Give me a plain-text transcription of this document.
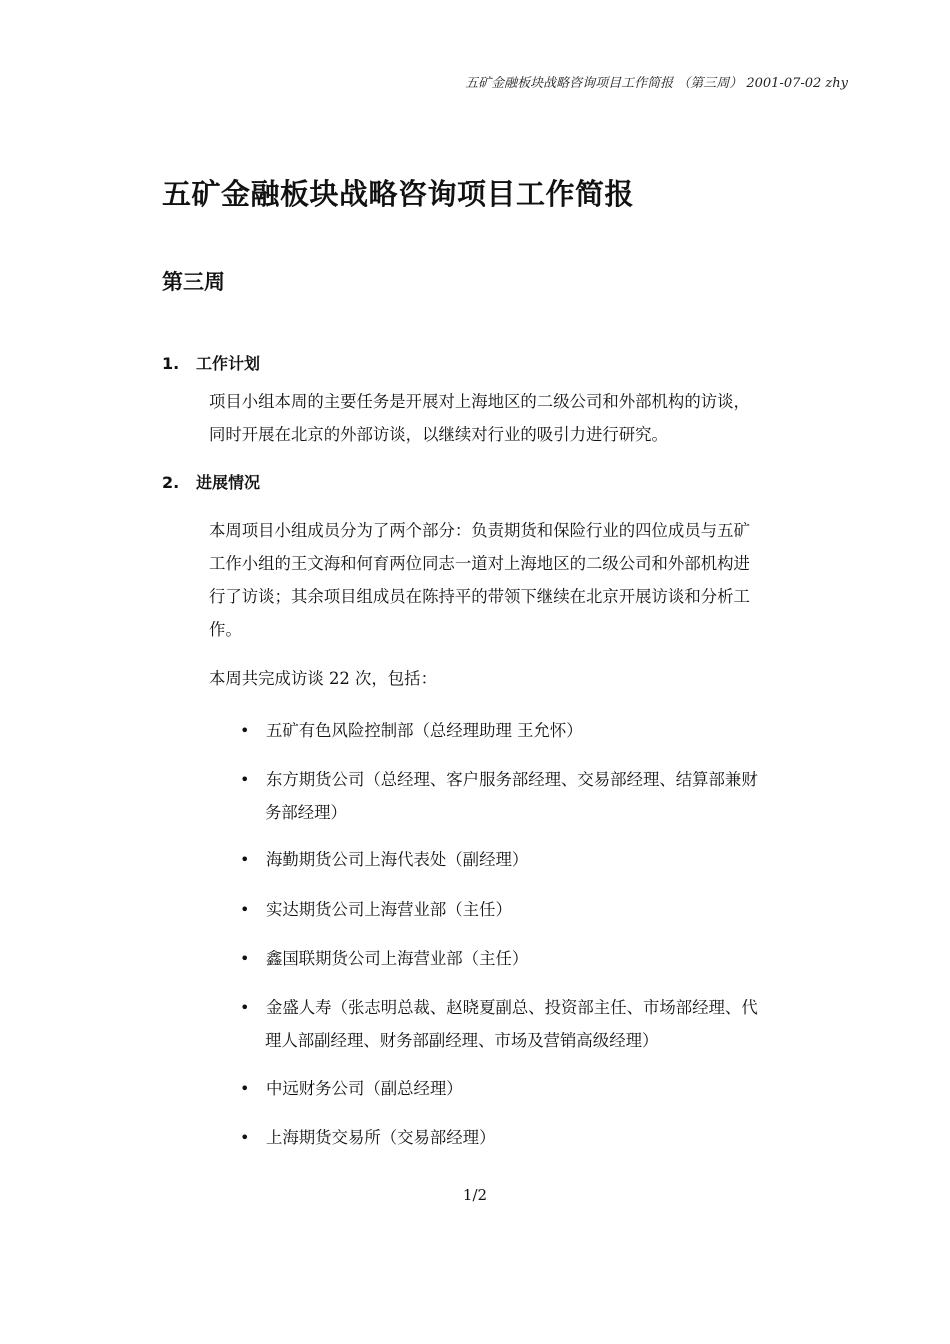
五矿金融板块战略咨询项目工作简报 （第三周） 2001-07-02 zhy
五矿金融板块战略咨询项目工作简报
第三周
1. 工作计划

项目小组本周的主要任务是开展对上海地区的二级公司和外部机构的访谈，
同时开展在北京的外部访谈，以继续对行业的吸引力进行研究。

2. 进展情况

本周项目小组成员分为了两个部分：负责期货和保险行业的四位成员与五矿
工作小组的王文海和何育两位同志一道对上海地区的二级公司和外部机构进
行了访谈；其余项目组成员在陈持平的带领下继续在北京开展访谈和分析工
作。

本周共完成访谈 22 次，包括：

•	五矿有色风险控制部（总经理助理 王允怀）
•	东方期货公司（总经理、客户服务部经理、交易部经理、结算部兼财
务部经理）
•	海勤期货公司上海代表处（副经理）
•	实达期货公司上海营业部（主任）
•	鑫国联期货公司上海营业部（主任）
•	金盛人寿（张志明总裁、赵晓夏副总、投资部主任、市场部经理、代
理人部副经理、财务部副经理、市场及营销高级经理）
•	中远财务公司（副总经理）
•	上海期货交易所（交易部经理）
1/2
